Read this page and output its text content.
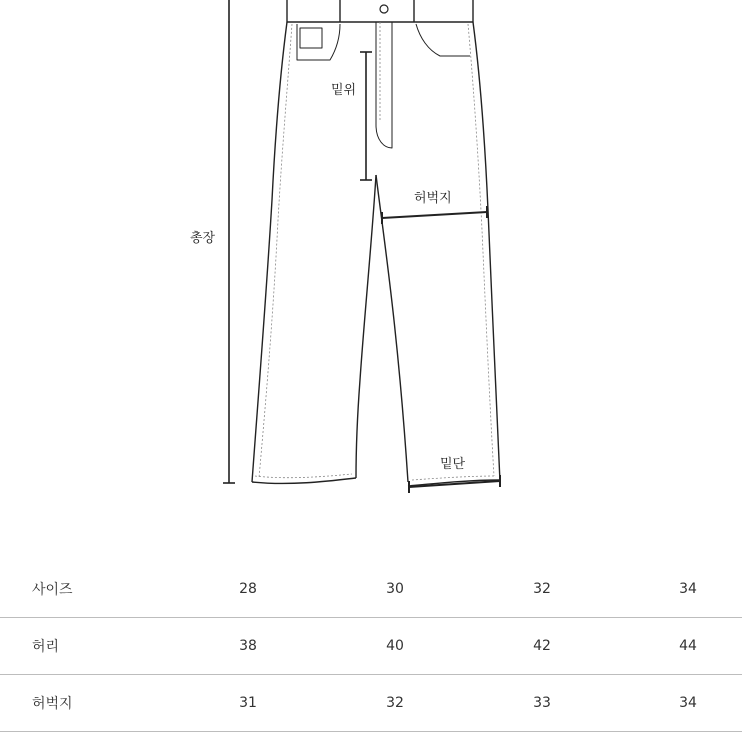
밑위
허벅지
총장
밑단
사이즈	28	30	32	34
허리	38	40	42	44
허벅지	31	32	33	34
